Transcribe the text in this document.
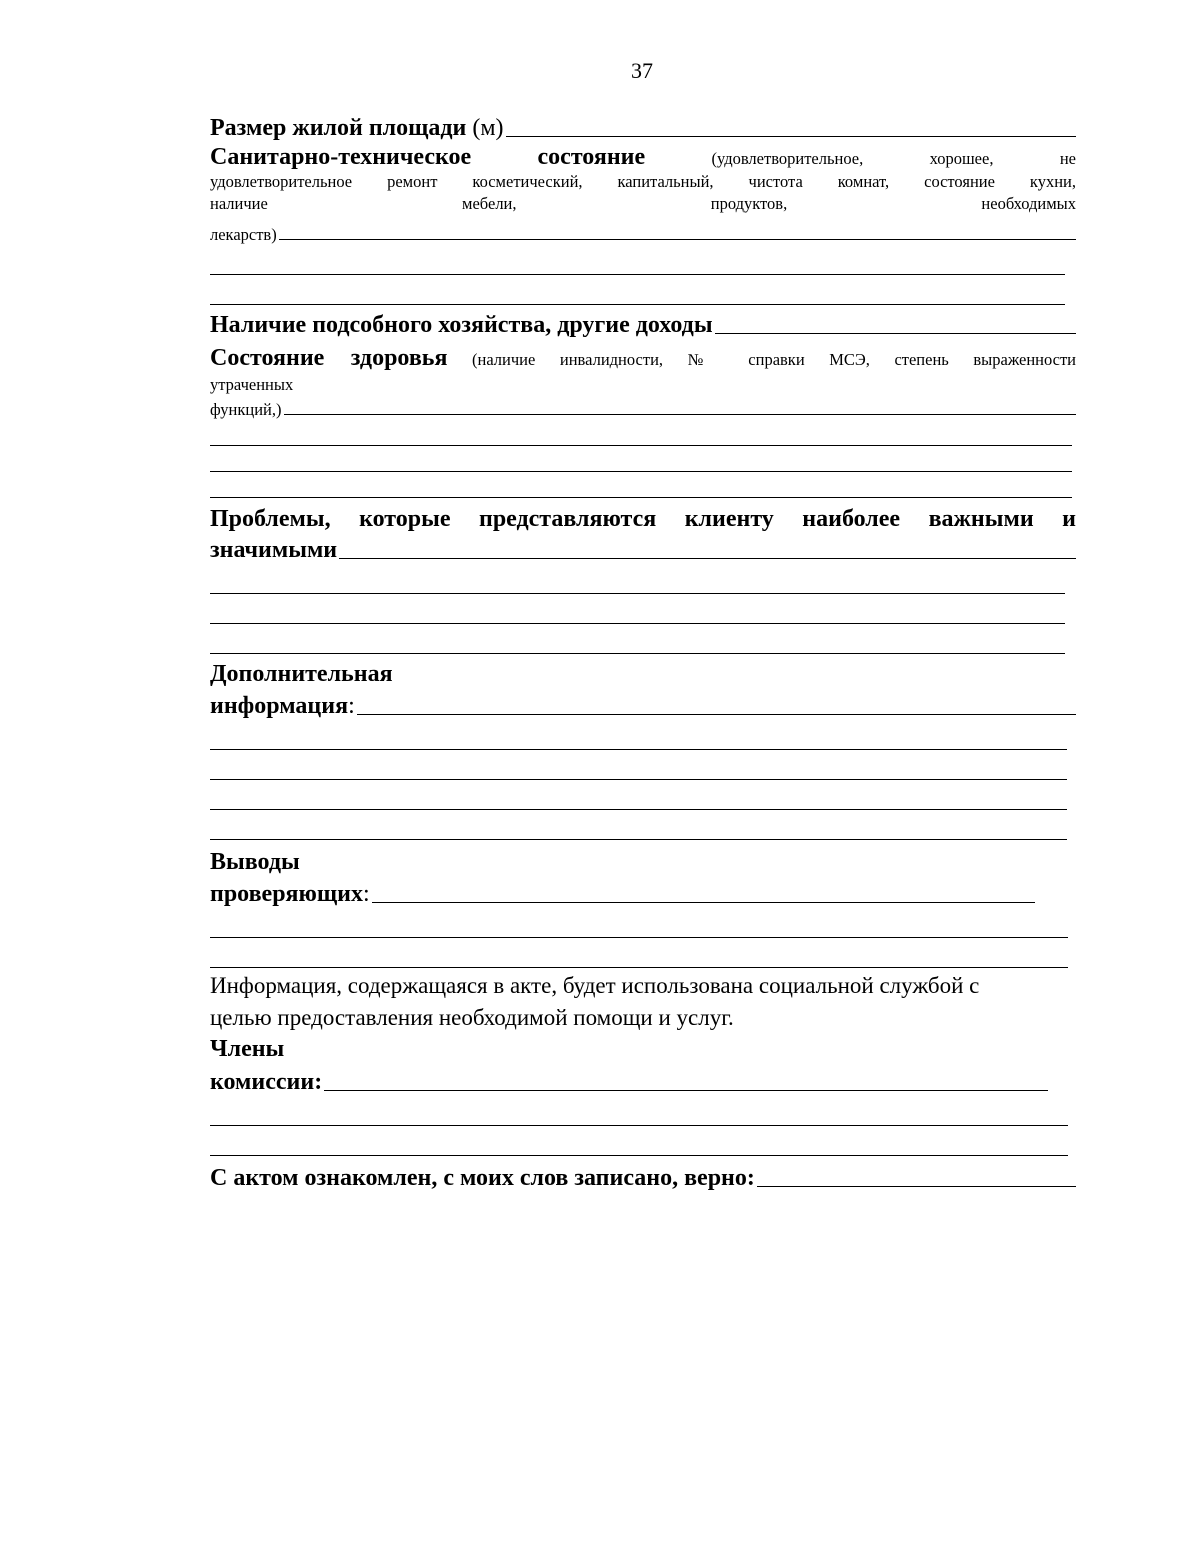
37
Размер жилой площади (м)
Санитарно-техническое	состояние	(удовлетворительное,	хорошее,	не
удовлетворительное ремонт косметический, капитальный, чистота комнат, состояние кухни,
наличие	мебели,	продуктов,	необходимых
лекарств)
Наличие подсобного хозяйства, другие доходы
Состояние здоровья (наличие инвалидности, № справки МСЭ, степень выраженности
утраченных
функций,)
Проблемы, которые представляются клиенту наиболее важными и
значимыми
Дополнительная
информация :
Выводы
проверяющих :
Информация, содержащаяся в акте, будет использована социальной службой с
целью предоставления необходимой помощи и услуг.
Члены
комиссии:
С актом ознакомлен, с моих слов записано, верно:
